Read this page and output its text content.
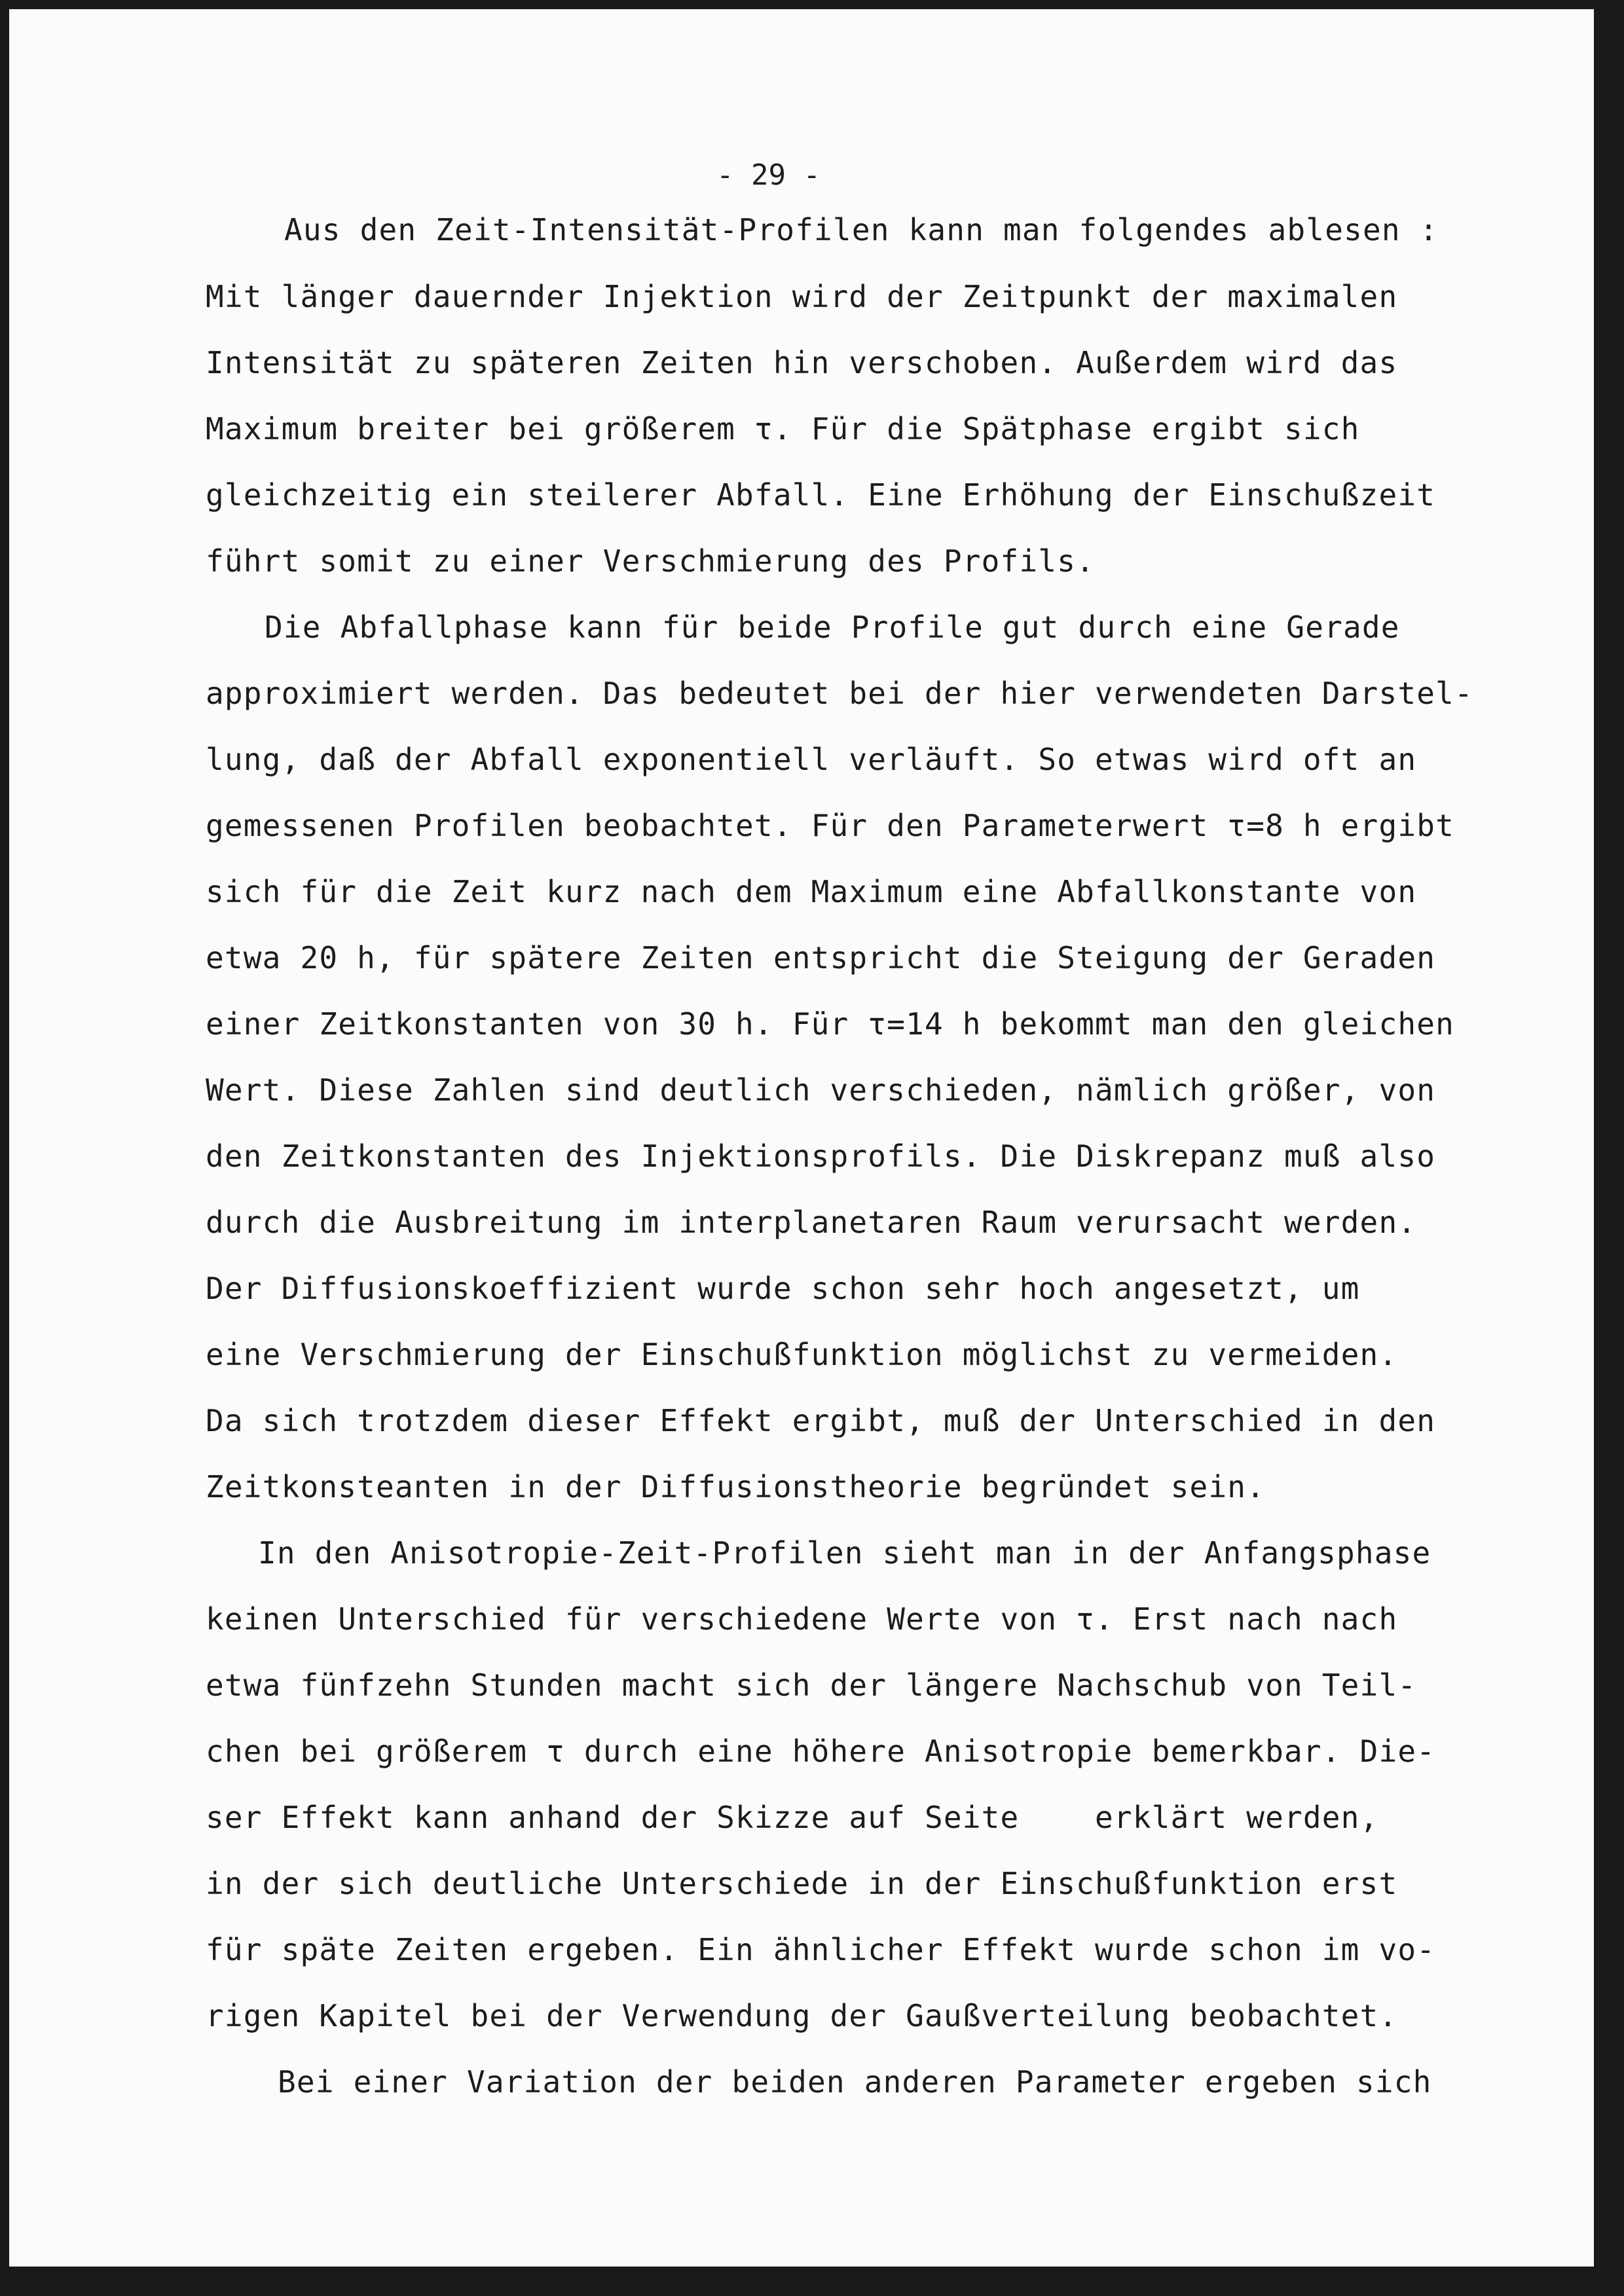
- 29 -
Aus den Zeit-Intensität-Profilen kann man folgendes ablesen :
Mit länger dauernder Injektion wird der Zeitpunkt der maximalen
Intensität zu späteren Zeiten hin verschoben. Außerdem wird das
Maximum breiter bei größerem τ. Für die Spätphase ergibt sich
gleichzeitig ein steilerer Abfall. Eine Erhöhung der Einschußzeit
führt somit zu einer Verschmierung des Profils.
Die Abfallphase kann für beide Profile gut durch eine Gerade
approximiert werden. Das bedeutet bei der hier verwendeten Darstel-
lung, daß der Abfall exponentiell verläuft. So etwas wird oft an
gemessenen Profilen beobachtet. Für den Parameterwert τ=8 h ergibt
sich für die Zeit kurz nach dem Maximum eine Abfallkonstante von
etwa 20 h, für spätere Zeiten entspricht die Steigung der Geraden
einer Zeitkonstanten von 30 h. Für τ=14 h bekommt man den gleichen
Wert. Diese Zahlen sind deutlich verschieden, nämlich größer, von
den Zeitkonstanten des Injektionsprofils. Die Diskrepanz muß also
durch die Ausbreitung im interplanetaren Raum verursacht werden.
Der Diffusionskoeffizient wurde schon sehr hoch angesetzt, um
eine Verschmierung der Einschußfunktion möglichst zu vermeiden.
Da sich trotzdem dieser Effekt ergibt, muß der Unterschied in den
Zeitkonsteanten in der Diffusionstheorie begründet sein.
In den Anisotropie-Zeit-Profilen sieht man in der Anfangsphase
keinen Unterschied für verschiedene Werte von τ. Erst nach nach
etwa fünfzehn Stunden macht sich der längere Nachschub von Teil-
chen bei größerem τ durch eine höhere Anisotropie bemerkbar. Die-
ser Effekt kann anhand der Skizze auf Seite    erklärt werden,
in der sich deutliche Unterschiede in der Einschußfunktion erst
für späte Zeiten ergeben. Ein ähnlicher Effekt wurde schon im vo-
rigen Kapitel bei der Verwendung der Gaußverteilung beobachtet.
Bei einer Variation der beiden anderen Parameter ergeben sich
